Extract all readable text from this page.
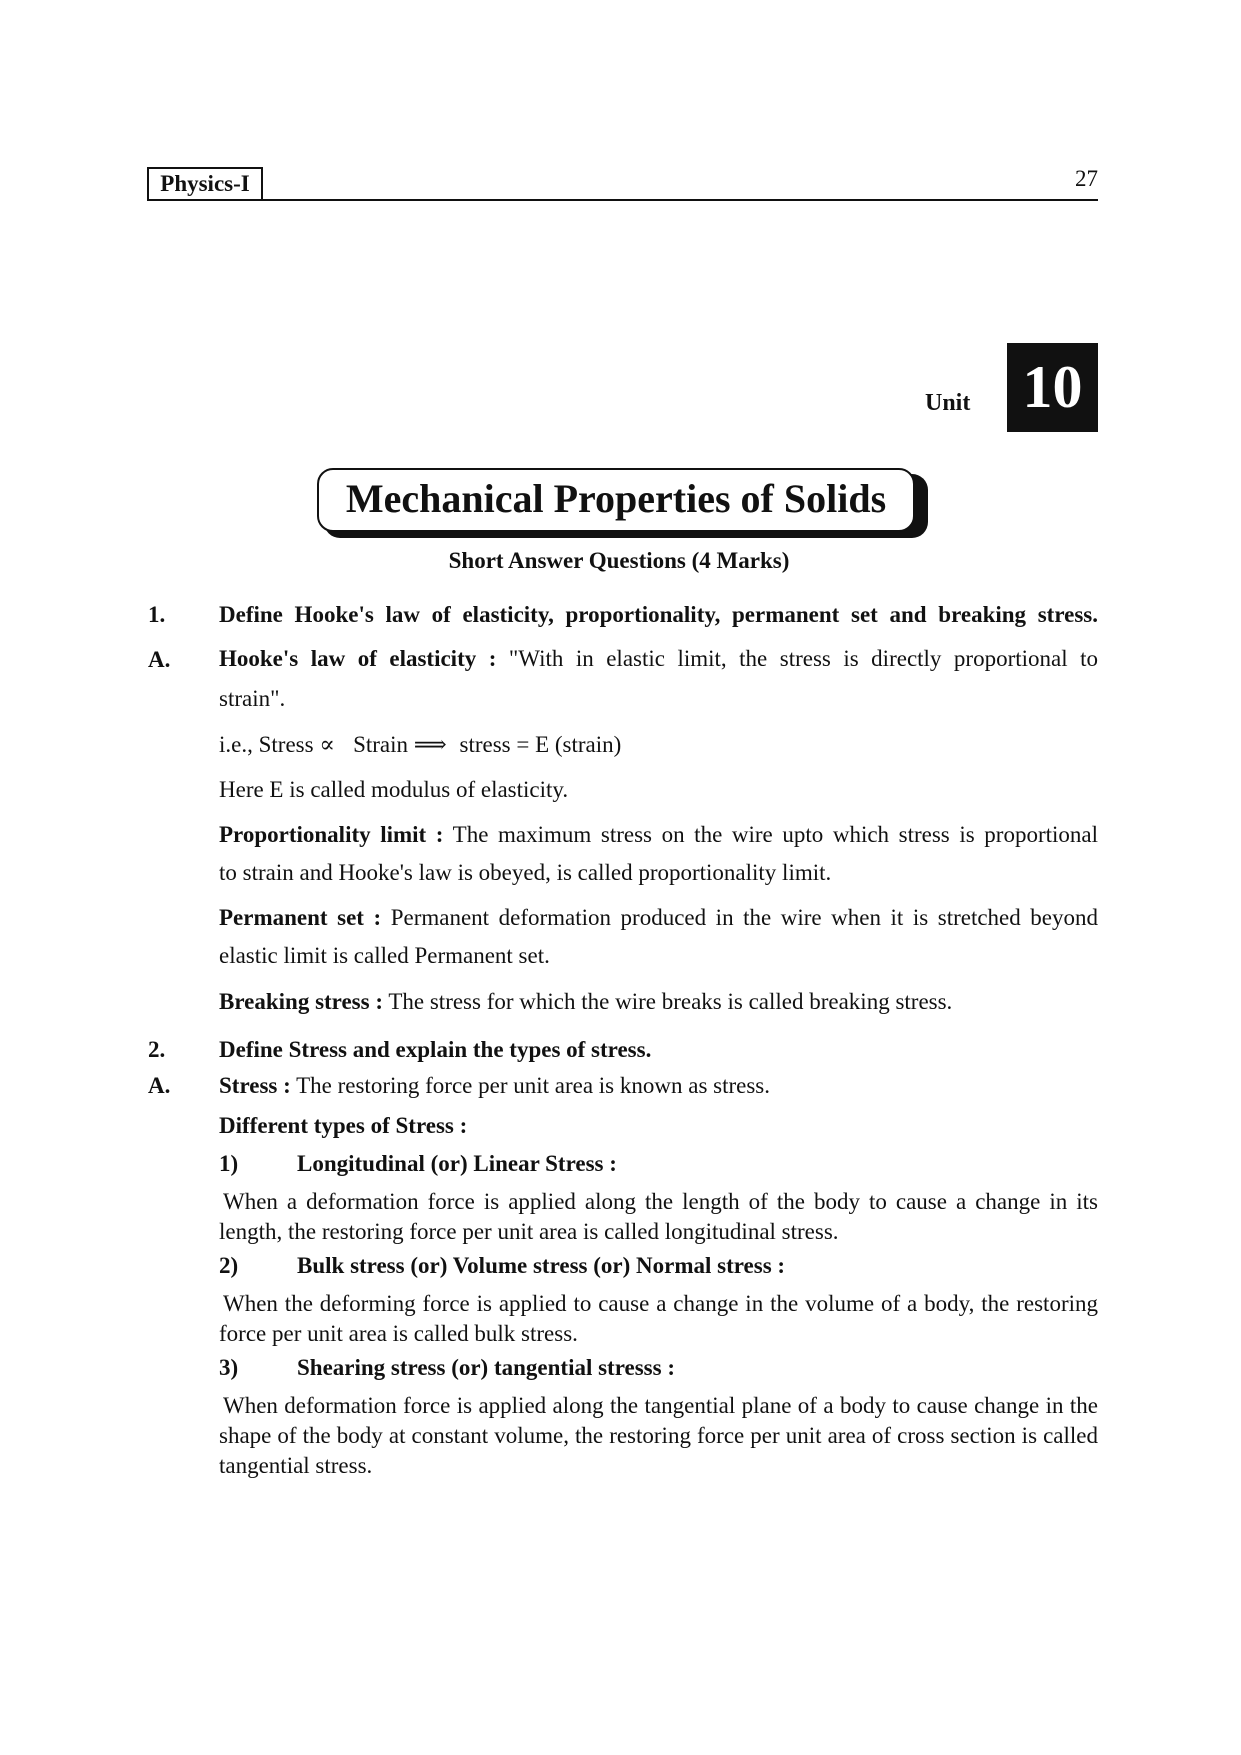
Physics-I	27
Unit 10
Mechanical Properties of Solids
Short Answer Questions (4 Marks)
1. Define Hooke's law of elasticity, proportionality, permanent set and breaking stress.
A. Hooke's law of elasticity : "With in elastic limit, the stress is directly proportional to
strain".
i.e., Stress ∝ Strain ⟹ stress = E (strain)
Here E is called modulus of elasticity.
Proportionality limit : The maximum stress on the wire upto which stress is proportional
to strain and Hooke's law is obeyed, is called proportionality limit.
Permanent set : Permanent deformation produced in the wire when it is stretched beyond
elastic limit is called Permanent set.
Breaking stress : The stress for which the wire breaks is called breaking stress.
2. Define Stress and explain the types of stress.
A. Stress : The restoring force per unit area is known as stress.
Different types of Stress :
1)	Longitudinal (or) Linear Stress :
When a deformation force is applied along the length of the body to cause a change in its length, the restoring force per unit area is called longitudinal stress.
2)	Bulk stress (or) Volume stress (or) Normal stress :
When the deforming force is applied to cause a change in the volume of a body, the restoring force per unit area is called bulk stress.
3)	Shearing stress (or) tangential stresss :
When deformation force is applied along the tangential plane of a body to cause change in the shape of the body at constant volume, the restoring force per unit area of cross section is called tangential stress.
